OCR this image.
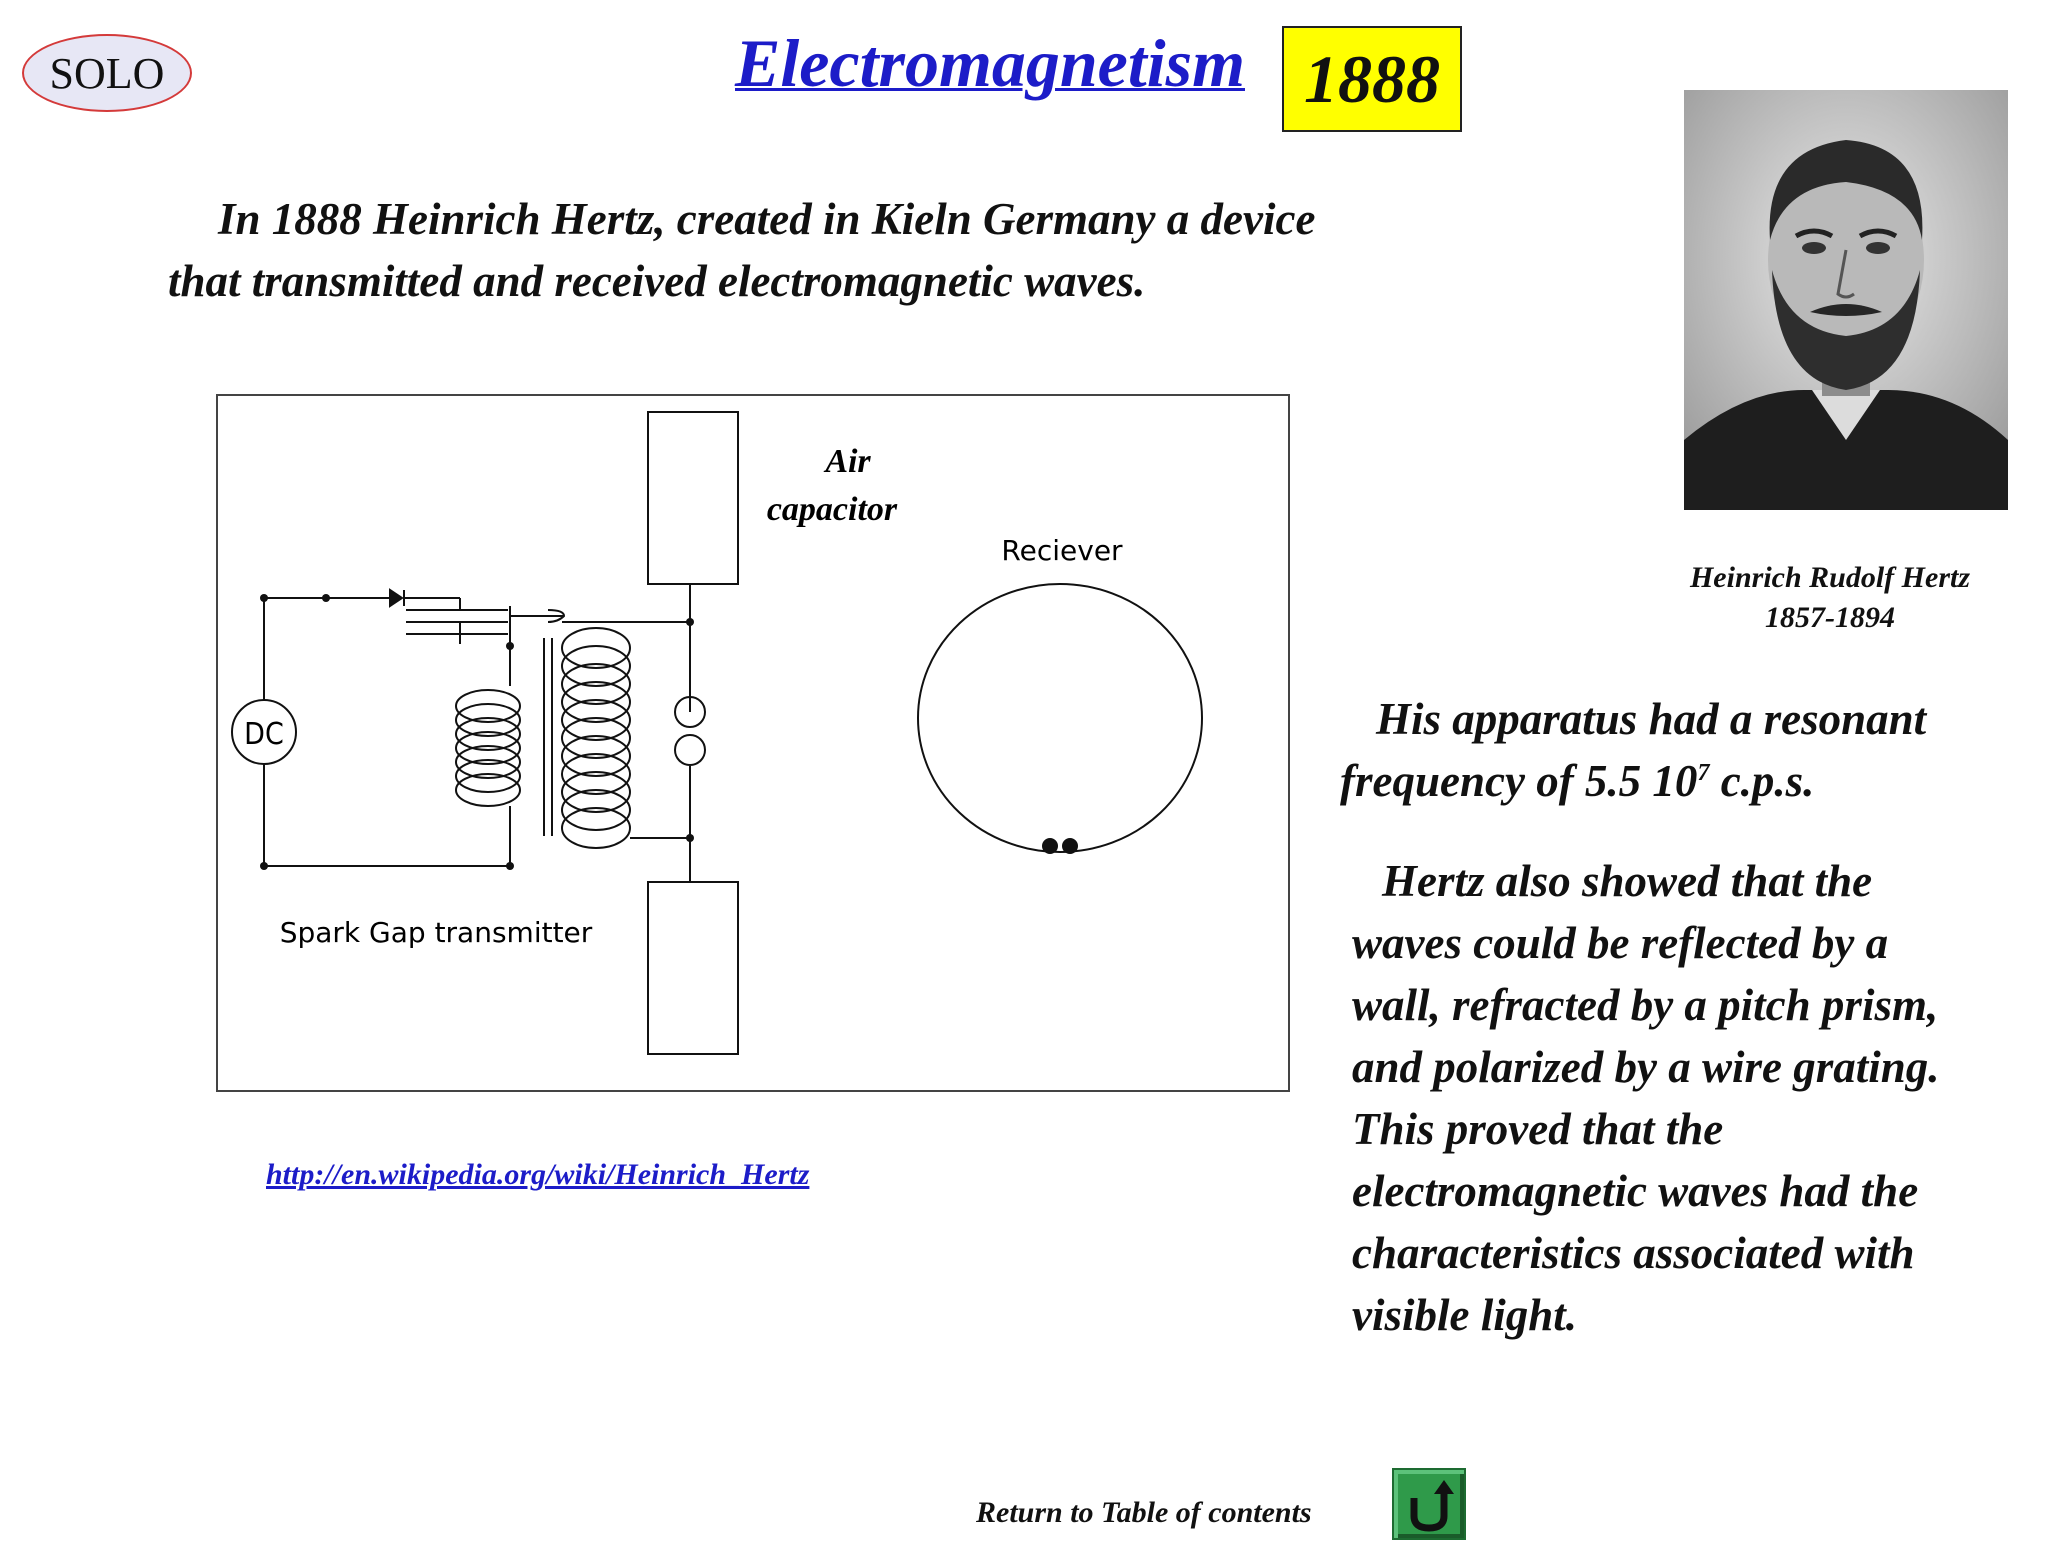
SOLO	Electromagnetism 1888
In 1888 Heinrich Hertz, created in Kieln Germany a device
that transmitted and received electromagnetic waves.
DC
Air
capacitor
Reciever
Spark Gap transmitter
Heinrich Rudolf Hertz
1857-1894
His apparatus had a resonant
frequency of 5.5 $10^7$ c.p.s.
Hertz also showed that the
waves could be reflected by a
wall, refracted by a pitch prism,
and polarized by a wire grating.
This proved that the
electromagnetic waves had the
characteristics associated with
visible light.
http://en.wikipedia.org/wiki/Heinrich_Hertz
Return to Table of contents
